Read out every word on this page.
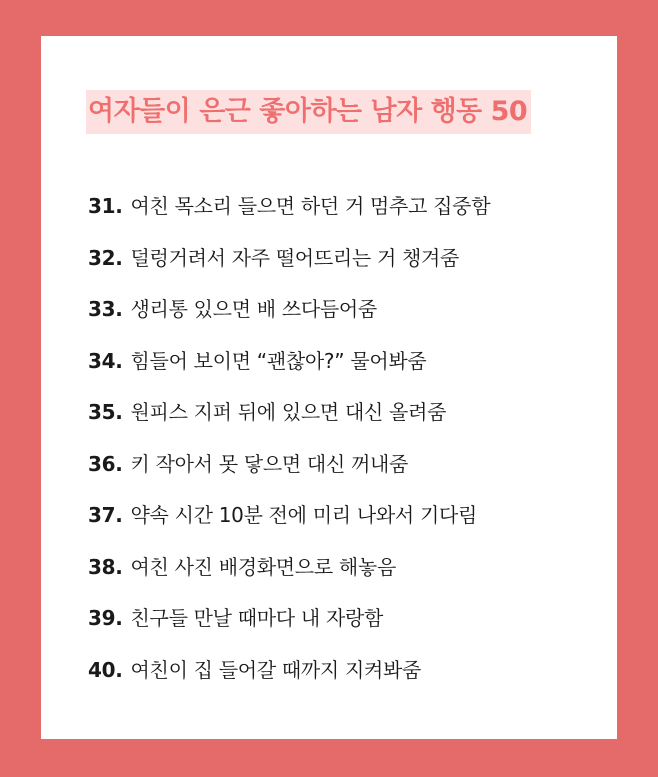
여자들이 은근 좋아하는 남자 행동 50
31. 여친 목소리 들으면 하던 거 멈추고 집중함
32. 덜렁거려서 자주 떨어뜨리는 거 챙겨줌
33. 생리통 있으면 배 쓰다듬어줌
34. 힘들어 보이면 “괜찮아?” 물어봐줌
35. 원피스 지퍼 뒤에 있으면 대신 올려줌
36. 키 작아서 못 닿으면 대신 꺼내줌
37. 약속 시간 10분 전에 미리 나와서 기다림
38. 여친 사진 배경화면으로 해놓음
39. 친구들 만날 때마다 내 자랑함
40. 여친이 집 들어갈 때까지 지켜봐줌
